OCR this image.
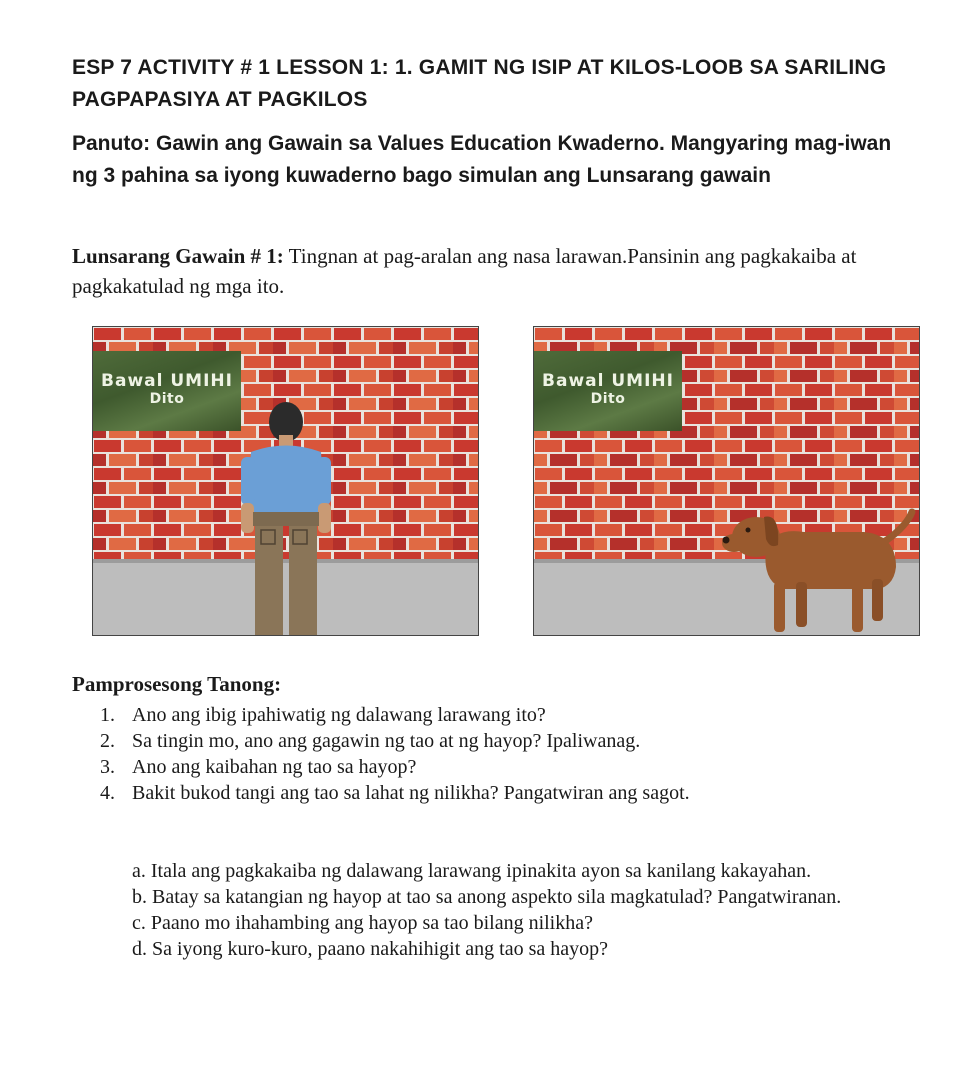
ESP 7 ACTIVITY # 1 LESSON 1: 1. GAMIT NG ISIP AT KILOS-LOOB SA SARILING PAGPAPASIYA AT PAGKILOS
Panuto: Gawin ang Gawain sa Values Education Kwaderno. Mangyaring mag-iwan ng 3 pahina sa iyong kuwaderno bago simulan ang Lunsarang gawain
Lunsarang Gawain # 1: Tingnan at pag-aralan ang nasa larawan.Pansinin ang pagkakaiba at pagkakatulad ng mga ito.
Bawal UMIHI
Dito
Bawal UMIHI
Dito
Pamprosesong Tanong:
1. Ano ang ibig ipahiwatig ng dalawang larawang ito?
2. Sa tingin mo, ano ang gagawin ng tao at ng hayop? Ipaliwanag.
3. Ano ang kaibahan ng tao sa hayop?
4. Bakit bukod tangi ang tao sa lahat ng nilikha? Pangatwiran ang sagot.
a. Itala ang pagkakaiba ng dalawang larawang ipinakita ayon sa kanilang kakayahan.
b. Batay sa katangian ng hayop at tao sa anong aspekto sila magkatulad? Pangatwiranan.
c. Paano mo ihahambing ang hayop sa tao bilang nilikha?
d. Sa iyong kuro-kuro, paano nakahihigit ang tao sa hayop?
